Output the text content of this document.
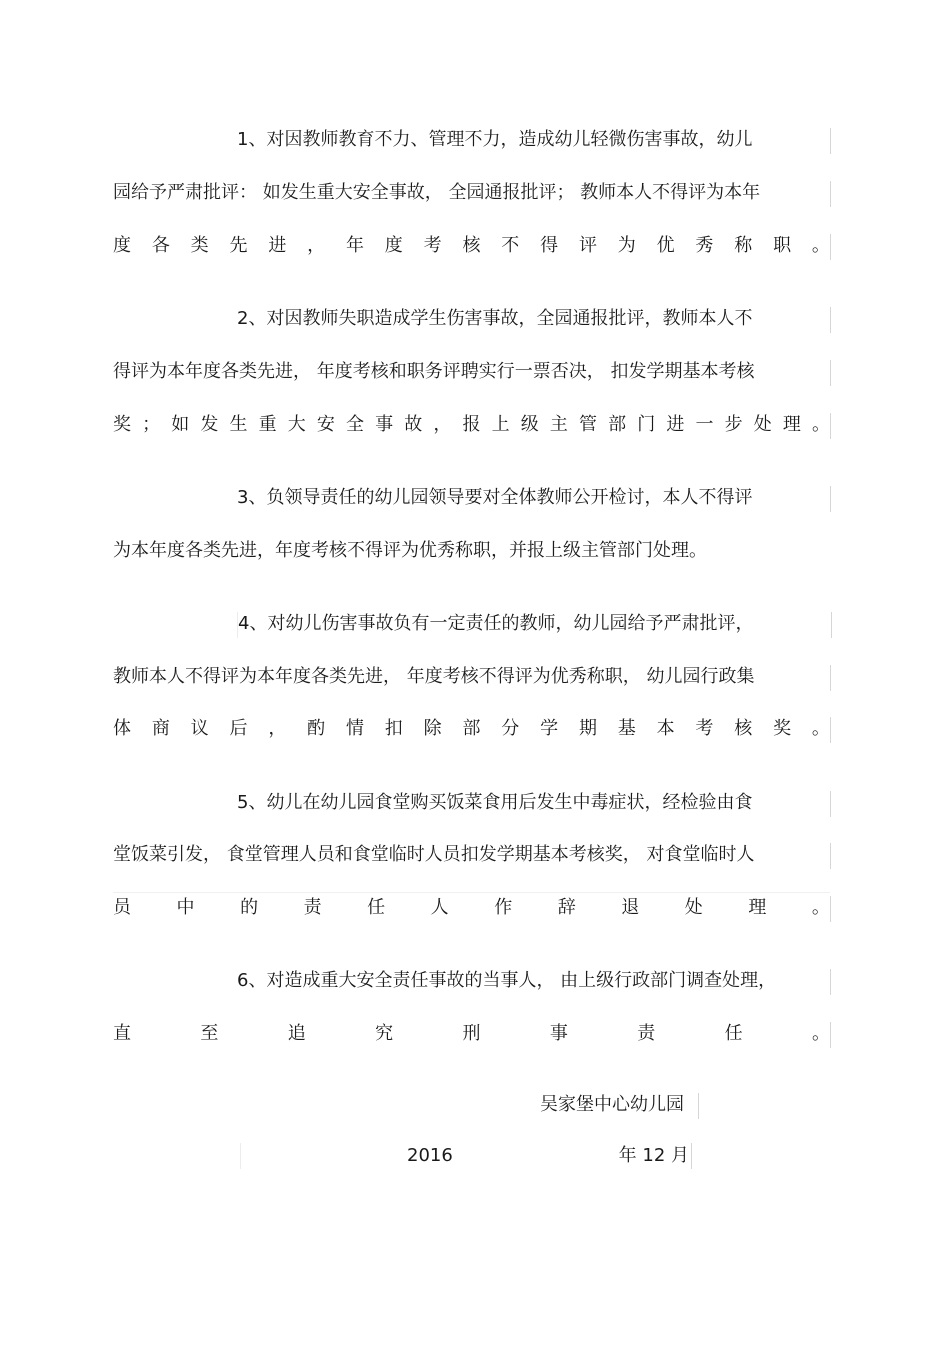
1、对因教师教育不力、管理不力，造成幼儿轻微伤害事故，幼儿
园给予严肃批评： 如发生重大安全事故， 全园通报批评； 教师本人不得评为本年
度 各 类 先 进 ， 年 度 考 核 不 得 评 为 优 秀 称 职 。
2、对因教师失职造成学生伤害事故，全园通报批评，教师本人不
得评为本年度各类先进， 年度考核和职务评聘实行一票否决， 扣发学期基本考核
奖 ； 如 发 生 重 大 安 全 事 故 ， 报 上 级 主 管 部 门 进 一 步 处 理 。
3、负领导责任的幼儿园领导要对全体教师公开检讨，本人不得评
为本年度各类先进，年度考核不得评为优秀称职，并报上级主管部门处理。
4、对幼儿伤害事故负有一定责任的教师，幼儿园给予严肃批评，
教师本人不得评为本年度各类先进， 年度考核不得评为优秀称职， 幼儿园行政集
体 商 议 后 ， 酌 情 扣 除 部 分 学 期 基 本 考 核 奖 。
5、幼儿在幼儿园食堂购买饭菜食用后发生中毒症状，经检验由食
堂饭菜引发， 食堂管理人员和食堂临时人员扣发学期基本考核奖， 对食堂临时人
员	中	的	责	任	人	作	辞	退	处	理	。
6、对造成重大安全责任事故的当事人， 由上级行政部门调查处理，
直	至	追	究	刑	事	责	任	。
吴家堡中心幼儿园
2016	年 12 月
